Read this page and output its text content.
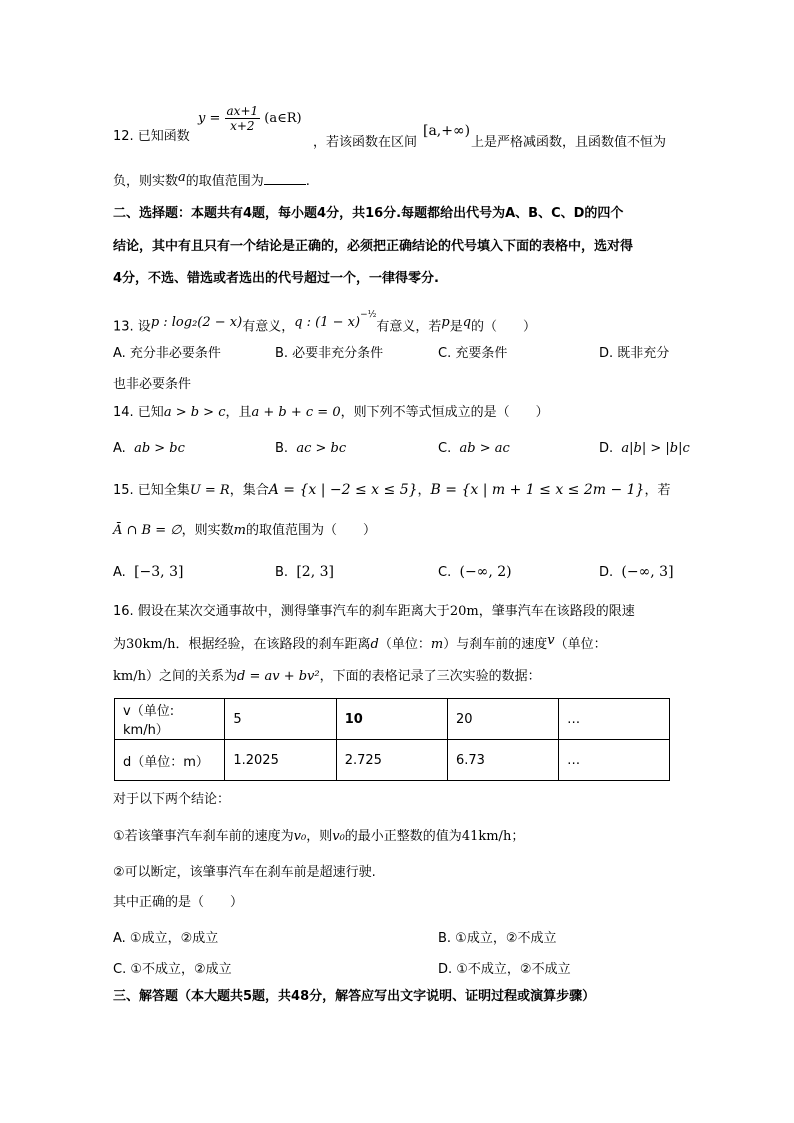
12. 已知函数
$y = \frac{ax+1}{x+2}$ (a∈R)
，若该函数在区间
[a,+∞)
上是严格减函数，且函数值不恒为
负，则实数a的取值范围为	.
二、选择题：本题共有4题，每小题4分，共16分.每题都给出代号为A、B、C、D的四个
结论，其中有且只有一个结论是正确的，必须把正确结论的代号填入下面的表格中，选对得
4分，不选、错选或者选出的代号超过一个，一律得零分.
13. 设p : log₂(2 − x)有意义，q : $(1 - x)^{-\frac{1}{2}}$有意义，若p是q的（　　）
A. 充分非必要条件	B. 必要非充分条件	C. 充要条件	D. 既非充分
也非必要条件
14. 已知a > b > c，且a + b + c = 0，则下列不等式恒成立的是（　　）
A. ab > bc	B. ac > bc	C. ab > ac	D. a|b| > |b|c
15. 已知全集U = R，集合A = {x | −2 ≤ x ≤ 5}，B = {x | m + 1 ≤ x ≤ 2m − 1}，若
Ā ∩ B = ∅，则实数m的取值范围为（　　）
A. [−3, 3]	B. [2, 3]	C. (−∞, 2)	D. (−∞, 3]
16. 假设在某次交通事故中，测得肇事汽车的刹车距离大于20m，肇事汽车在该路段的限速
为30km/h．根据经验，在该路段的刹车距离d（单位：m）与刹车前的速度v（单位：
km/h）之间的关系为d = av + bv²，下面的表格记录了三次实验的数据：
v（单位: km/h）	5	10	20	…
d（单位：m）	1.2025	2.725	6.73	…
对于以下两个结论：
①若该肇事汽车刹车前的速度为v₀，则v₀的最小正整数的值为41km/h；
②可以断定，该肇事汽车在刹车前是超速行驶.
其中正确的是（　　）
A. ①成立，②成立	B. ①成立，②不成立
C. ①不成立，②成立	D. ①不成立，②不成立
三、解答题（本大题共5题，共48分，解答应写出文字说明、证明过程或演算步骤）
